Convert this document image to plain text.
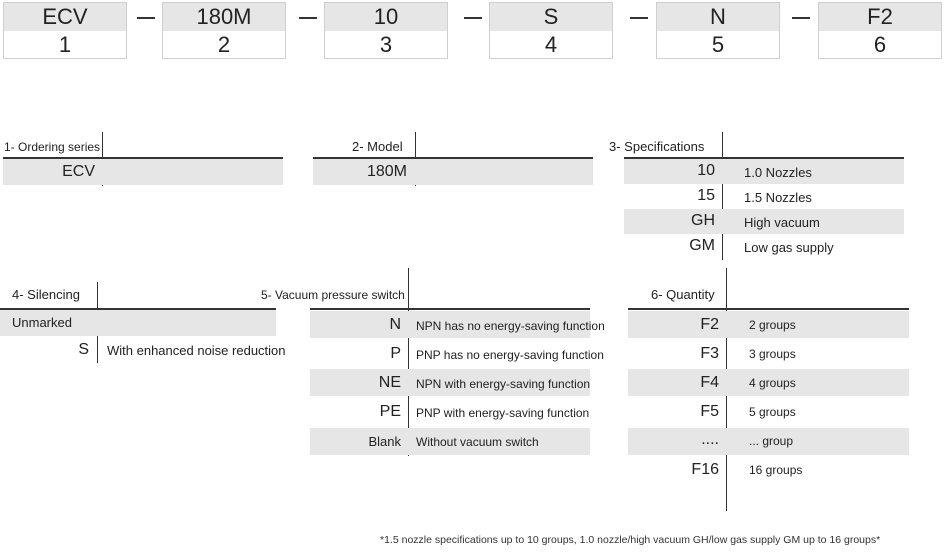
ECV
1
180M
2
10
3
S
4
N
5
F2
6
1- Ordering series
ECV
2- Model
180M
3- Specifications
10 1.0 Nozzles
15 1.5 Nozzles
GH High vacuum
GM Low gas supply
4- Silencing
Unmarked
S With enhanced noise reduction
5- Vacuum pressure switch
N NPN has no energy-saving function
P PNP has no energy-saving function
NE NPN with energy-saving function
PE PNP with energy-saving function
Blank Without vacuum switch
6- Quantity
F2	2 groups
F3	3 groups
F4	4 groups
F5	5 groups
....	... group
F16	16 groups
*1.5 nozzle specifications up to 10 groups, 1.0 nozzle/high vacuum GH/low gas supply GM up to 16 groups*
